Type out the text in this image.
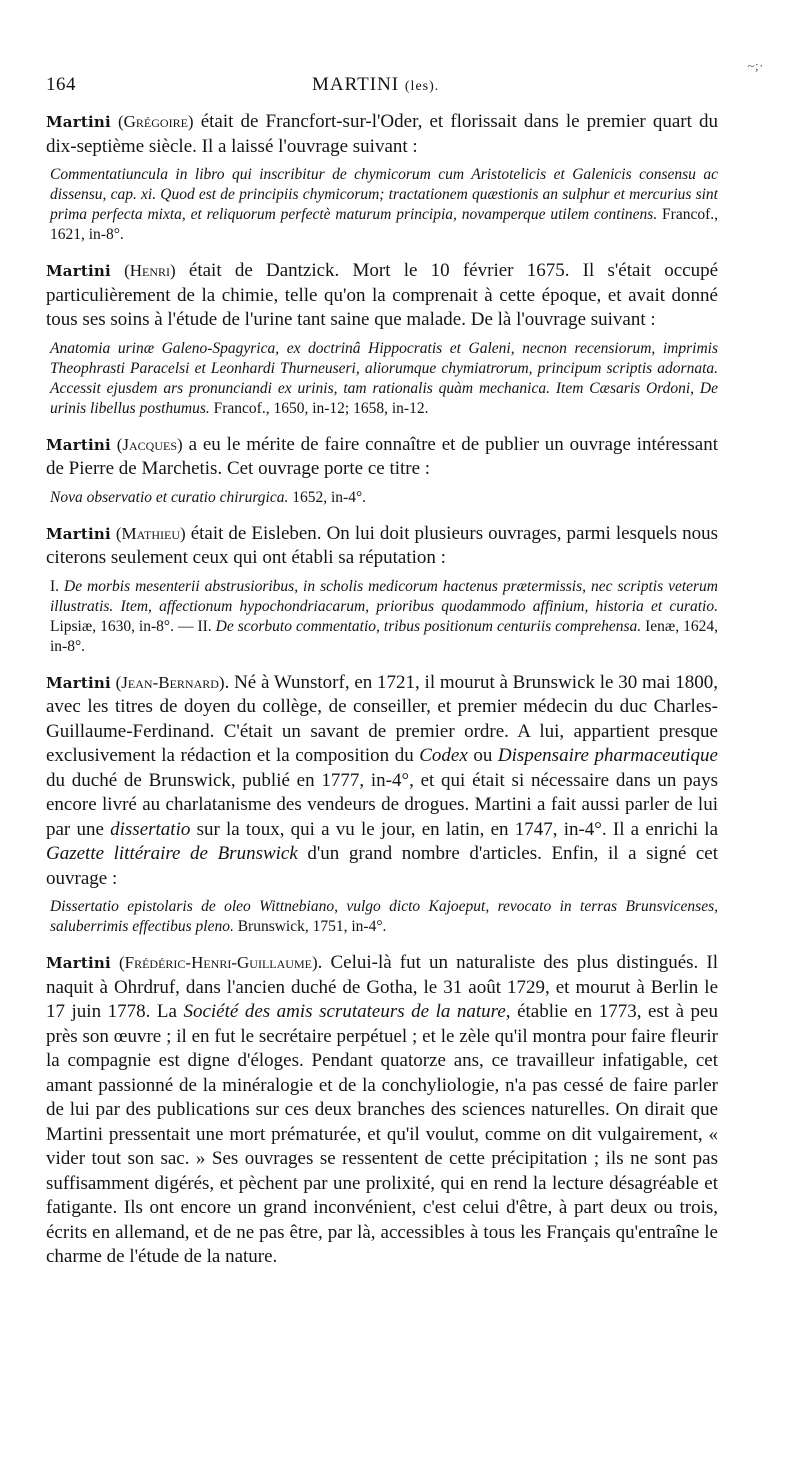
164	MARTINI (les).
~;·

Martini (Grégoire) était de Francfort-sur-l'Oder, et florissait dans le premier quart du dix-septième siècle. Il a laissé l'ouvrage suivant :

Commentatiuncula in libro qui inscribitur de chymicorum cum Aristotelicis et Galenicis consensu ac dissensu, cap. xi. Quod est de principiis chymicorum; tractationem quæstionis an sulphur et mercurius sint prima perfecta mixta, et reliquorum perfectè maturum principia, novamperque utilem continens. Francof., 1621, in-8°.

Martini (Henri) était de Dantzick. Mort le 10 février 1675. Il s'était occupé particulièrement de la chimie, telle qu'on la comprenait à cette époque, et avait donné tous ses soins à l'étude de l'urine tant saine que malade. De là l'ouvrage suivant :

Anatomia urinæ Galeno-Spagyrica, ex doctrinâ Hippocratis et Galeni, necnon recensiorum, imprimis Theophrasti Paracelsi et Leonhardi Thurneuseri, aliorumque chymiatrorum, principum scriptis adornata. Accessit ejusdem ars pronunciandi ex urinis, tam rationalis quàm mechanica. Item Cæsaris Ordoni, De urinis libellus posthumus. Francof., 1650, in-12; 1658, in-12.

Martini (Jacques) a eu le mérite de faire connaître et de publier un ouvrage intéressant de Pierre de Marchetis. Cet ouvrage porte ce titre :

Nova observatio et curatio chirurgica. 1652, in-4°.

Martini (Mathieu) était de Eisleben. On lui doit plusieurs ouvrages, parmi lesquels nous citerons seulement ceux qui ont établi sa réputation :

I. De morbis mesenterii abstrusioribus, in scholis medicorum hactenus prætermissis, nec scriptis veterum illustratis. Item, affectionum hypochondriacarum, prioribus quodammodo affinium, historia et curatio. Lipsiæ, 1630, in-8°. — II. De scorbuto commentatio, tribus positionum centuriis comprehensa. Ienæ, 1624, in-8°.

Martini (Jean-Bernard). Né à Wunstorf, en 1721, il mourut à Brunswick le 30 mai 1800, avec les titres de doyen du collège, de conseiller, et premier médecin du duc Charles-Guillaume-Ferdinand. C'était un savant de premier ordre. A lui, appartient presque exclusivement la rédaction et la composition du Codex ou Dispensaire pharmaceutique du duché de Brunswick, publié en 1777, in-4°, et qui était si nécessaire dans un pays encore livré au charlatanisme des vendeurs de drogues. Martini a fait aussi parler de lui par une dissertatio sur la toux, qui a vu le jour, en latin, en 1747, in-4°. Il a enrichi la Gazette littéraire de Brunswick d'un grand nombre d'articles. Enfin, il a signé cet ouvrage :

Dissertatio epistolaris de oleo Wittnebiano, vulgo dicto Kajoeput, revocato in terras Brunsvicenses, saluberrimis effectibus pleno. Brunswick, 1751, in-4°.

Martini (Frédéric-Henri-Guillaume). Celui-là fut un naturaliste des plus distingués. Il naquit à Ohrdruf, dans l'ancien duché de Gotha, le 31 août 1729, et mourut à Berlin le 17 juin 1778. La Société des amis scrutateurs de la nature, établie en 1773, est à peu près son œuvre ; il en fut le secrétaire perpétuel ; et le zèle qu'il montra pour faire fleurir la compagnie est digne d'éloges. Pendant quatorze ans, ce travailleur infatigable, cet amant passionné de la minéralogie et de la conchyliologie, n'a pas cessé de faire parler de lui par des publications sur ces deux branches des sciences naturelles. On dirait que Martini pressentait une mort prématurée, et qu'il voulut, comme on dit vulgairement, « vider tout son sac. » Ses ouvrages se ressentent de cette précipitation ; ils ne sont pas suffisamment digérés, et pèchent par une prolixité, qui en rend la lecture désagréable et fatigante. Ils ont encore un grand inconvénient, c'est celui d'être, à part deux ou trois, écrits en allemand, et de ne pas être, par là, accessibles à tous les Français qu'entraîne le charme de l'étude de la nature.
